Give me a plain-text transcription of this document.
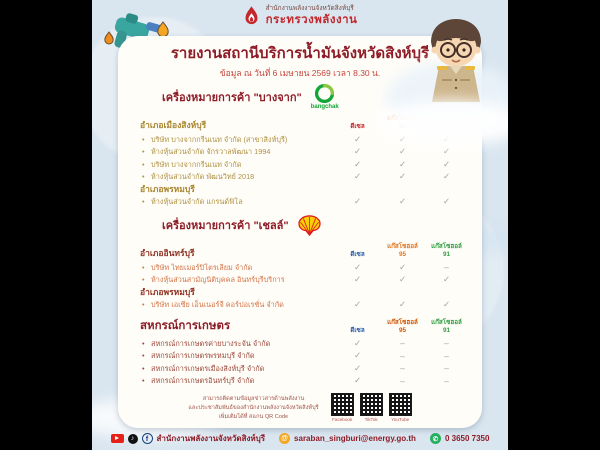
สำนักงานพลังงานจังหวัดสิงห์บุรี
กระทรวงพลังงาน
รายงานสถานีบริการน้ำมันจังหวัดสิงห์บุรี
ข้อมูล ณ วันที่ 6 เมษายน 2569 เวลา 8.30 น.
เครื่องหมายการค้า "บางจาก"
bangchak
อำเภอเมืองสิงห์บุรี	ดีเซล
• บริษัท บางจากกรีนเนท จำกัด (สาขาสิงห์บุรี)	✓
• ห้างหุ้นส่วนจำกัด จักรวาลพัฒนา 1994	✓	✓	✓
• บริษัท บางจากกรีนเนท จำกัด	✓	✓	✓
• ห้างหุ้นส่วนจำกัด พัฒนวิทย์ 2018	✓	✓	✓
อำเภอพรหมบุรี
• ห้างหุ้นส่วนจำกัด แกรนด์ฟิโล	✓	✓	✓
เครื่องหมายการค้า "เชลล์"
อำเภออินทร์บุรี	ดีเซล
แก๊สโซฮอล์
95
แก๊สโซฮอล์
91
• บริษัท ไทยเมอร์ปิโตรเลียม จำกัด	✓	✓	–
• ห้างหุ้นส่วนสามัญนิติบุคคล อินทร์บุรีบริการ	✓	✓	✓
อำเภอพรหมบุรี
• บริษัท เอเซีย เอ็นเนอร์จี คอร์ปอเรชั่น จำกัด	✓	✓	✓
สหกรณ์การเกษตร	ดีเซล
แก๊สโซฮอล์
95
แก๊สโซฮอล์
91
• สหกรณ์การเกษตรค่ายบางระจัน จำกัด	✓	–	–
• สหกรณ์การเกษตรพรหมบุรี จำกัด	✓	–	–
• สหกรณ์การเกษตรเมืองสิงห์บุรี จำกัด	✓	–	–
• สหกรณ์การเกษตรอินทร์บุรี จำกัด	✓	–	–
สามารถติดตามข้อมูลข่าวสารด้านพลังงาน
และประชาสัมพันธ์ของสำนักงานพลังงานจังหวัดสิงห์บุรี
เพิ่มเติมได้ที่ สแกน QR Code	Facebook	TikTok	YouTube
♪
f
สำนักงานพลังงานจังหวัดสิงห์บุรี @	saraban_singburi@energy.go.th ✆	0 3650 7350
